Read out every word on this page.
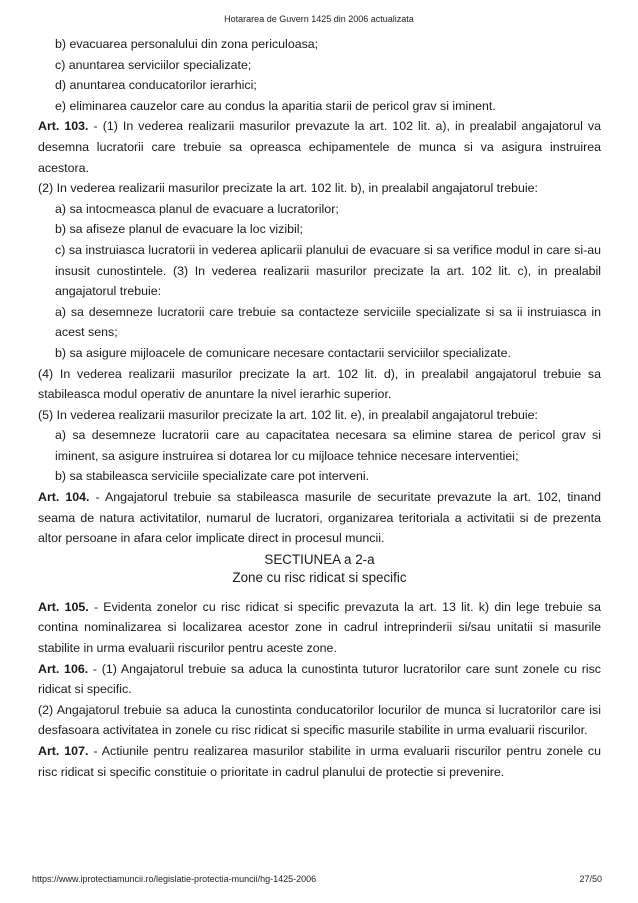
Hotararea de Guvern 1425 din 2006 actualizata

b) evacuarea personalului din zona periculoasa;

c) anuntarea serviciilor specializate;

d) anuntarea conducatorilor ierarhici;

e) eliminarea cauzelor care au condus la aparitia starii de pericol grav si iminent.

Art. 103. - (1) In vederea realizarii masurilor prevazute la art. 102 lit. a), in prealabil angajatorul va desemna lucratorii care trebuie sa opreasca echipamentele de munca si va asigura instruirea acestora.

(2) In vederea realizarii masurilor precizate la art. 102 lit. b), in prealabil angajatorul trebuie:

a) sa intocmeasca planul de evacuare a lucratorilor;

b) sa afiseze planul de evacuare la loc vizibil;

c) sa instruiasca lucratorii in vederea aplicarii planului de evacuare si sa verifice modul in care si-au insusit cunostintele. (3) In vederea realizarii masurilor precizate la art. 102 lit. c), in prealabil angajatorul trebuie:

a) sa desemneze lucratorii care trebuie sa contacteze serviciile specializate si sa ii instruiasca in acest sens;

b) sa asigure mijloacele de comunicare necesare contactarii serviciilor specializate.

(4) In vederea realizarii masurilor precizate la art. 102 lit. d), in prealabil angajatorul trebuie sa stabileasca modul operativ de anuntare la nivel ierarhic superior.

(5) In vederea realizarii masurilor precizate la art. 102 lit. e), in prealabil angajatorul trebuie:

a) sa desemneze lucratorii care au capacitatea necesara sa elimine starea de pericol grav si iminent, sa asigure instruirea si dotarea lor cu mijloace tehnice necesare interventiei;

b) sa stabileasca serviciile specializate care pot interveni.

Art. 104. - Angajatorul trebuie sa stabileasca masurile de securitate prevazute la art. 102, tinand seama de natura activitatilor, numarul de lucratori, organizarea teritoriala a activitatii si de prezenta altor persoane in afara celor implicate direct in procesul muncii.

SECTIUNEA a 2-a
Zone cu risc ridicat si specific

Art. 105. - Evidenta zonelor cu risc ridicat si specific prevazuta la art. 13 lit. k) din lege trebuie sa contina nominalizarea si localizarea acestor zone in cadrul intreprinderii si/sau unitatii si masurile stabilite in urma evaluarii riscurilor pentru aceste zone.

Art. 106. - (1) Angajatorul trebuie sa aduca la cunostinta tuturor lucratorilor care sunt zonele cu risc ridicat si specific.

(2) Angajatorul trebuie sa aduca la cunostinta conducatorilor locurilor de munca si lucratorilor care isi desfasoara activitatea in zonele cu risc ridicat si specific masurile stabilite in urma evaluarii riscurilor.

Art. 107. - Actiunile pentru realizarea masurilor stabilite in urma evaluarii riscurilor pentru zonele cu risc ridicat si specific constituie o prioritate in cadrul planului de protectie si prevenire.

https://www.iprotectiamuncii.ro/legislatie-protectia-muncii/hg-1425-2006	27/50
